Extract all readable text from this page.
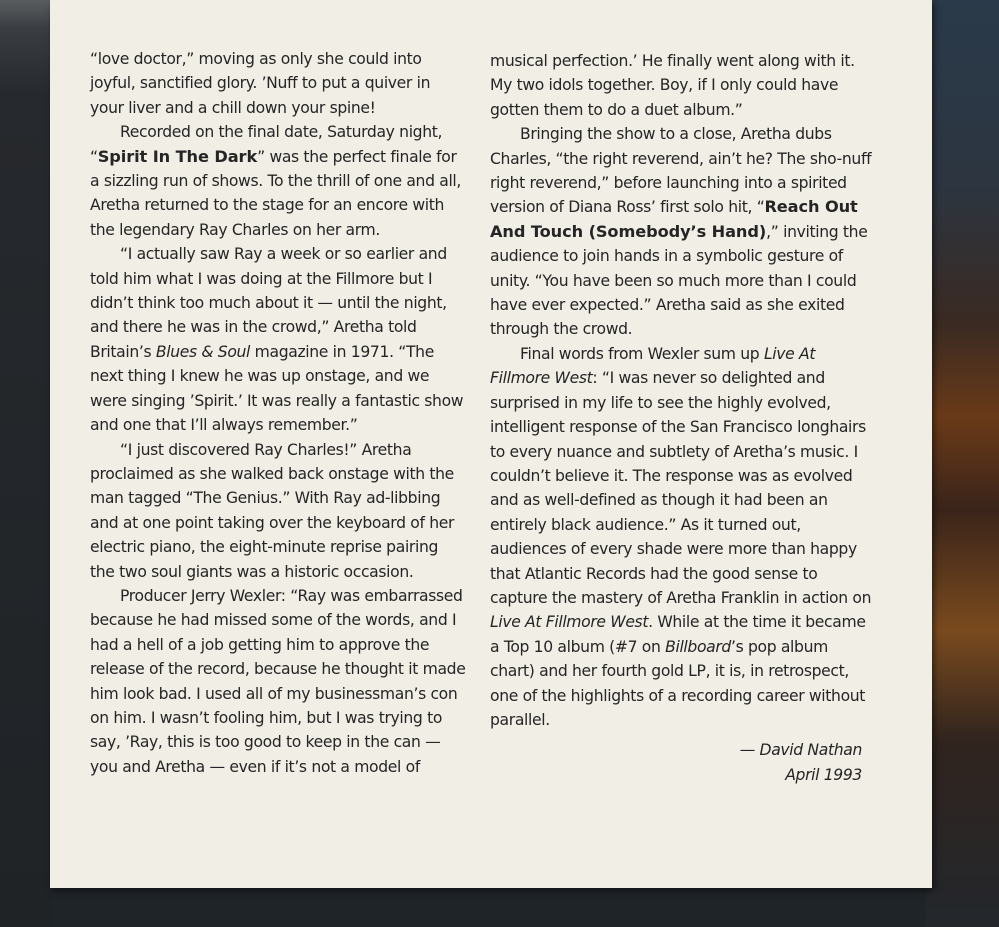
“love doctor,” moving as only she could into joyful, sanctified glory. ’Nuff to put a quiver in your liver and a chill down your spine!

Recorded on the final date, Saturday night, “Spirit In The Dark” was the perfect finale for a sizzling run of shows. To the thrill of one and all, Aretha returned to the stage for an encore with the legendary Ray Charles on her arm.

“I actually saw Ray a week or so earlier and told him what I was doing at the Fillmore but I didn’t think too much about it — until the night, and there he was in the crowd,” Aretha told Britain’s Blues & Soul magazine in 1971. “The next thing I knew he was up onstage, and we were singing ’Spirit.’ It was really a fantastic show and one that I’ll always remember.”

“I just discovered Ray Charles!” Aretha proclaimed as she walked back onstage with the man tagged “The Genius.” With Ray ad-libbing and at one point taking over the keyboard of her electric piano, the eight-minute reprise pairing the two soul giants was a historic occasion.

Producer Jerry Wexler: “Ray was embarrassed because he had missed some of the words, and I had a hell of a job getting him to approve the release of the record, because he thought it made him look bad. I used all of my businessman’s con on him. I wasn’t fooling him, but I was trying to say, ’Ray, this is too good to keep in the can — you and Aretha — even if it’s not a model of

musical perfection.’ He finally went along with it. My two idols together. Boy, if I only could have gotten them to do a duet album.”

Bringing the show to a close, Aretha dubs Charles, “the right reverend, ain’t he? The sho-nuff right reverend,” before launching into a spirited version of Diana Ross’ first solo hit, “Reach Out And Touch (Somebody’s Hand),” inviting the audience to join hands in a symbolic gesture of unity. “You have been so much more than I could have ever expected.” Aretha said as she exited through the crowd.

Final words from Wexler sum up Live At Fillmore West: “I was never so delighted and surprised in my life to see the highly evolved, intelligent response of the San Francisco longhairs to every nuance and subtlety of Aretha’s music. I couldn’t believe it. The response was as evolved and as well-defined as though it had been an entirely black audience.” As it turned out, audiences of every shade were more than happy that Atlantic Records had the good sense to capture the mastery of Aretha Franklin in action on Live At Fillmore West. While at the time it became a Top 10 album (#7 on Billboard’s pop album chart) and her fourth gold LP, it is, in retrospect, one of the highlights of a recording career without parallel.

— David Nathan
April 1993
